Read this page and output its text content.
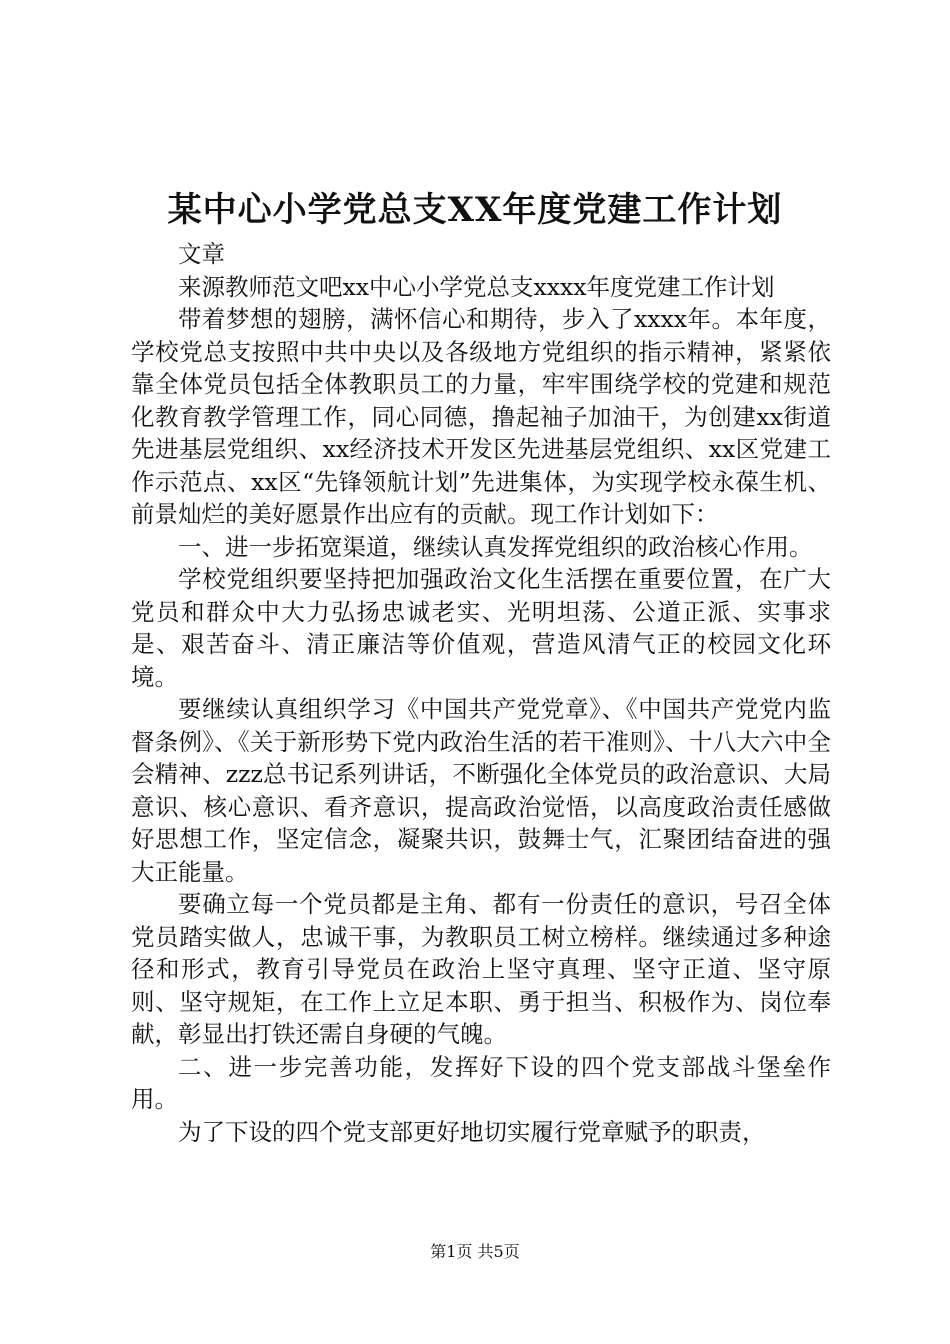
某中心小学党总支XX年度党建工作计划

文章

来源教师范文吧xx中心小学党总支xxxx年度党建工作计划

带着梦想的翅膀，满怀信心和期待，步入了xxxx年。本年度，学校党总支按照中共中央以及各级地方党组织的指示精神，紧紧依靠全体党员包括全体教职员工的力量，牢牢围绕学校的党建和规范化教育教学管理工作，同心同德，撸起袖子加油干，为创建xx街道先进基层党组织、xx经济技术开发区先进基层党组织、xx区党建工作示范点、xx区“先锋领航计划”先进集体，为实现学校永葆生机、前景灿烂的美好愿景作出应有的贡献。现工作计划如下：

一、进一步拓宽渠道，继续认真发挥党组织的政治核心作用。

学校党组织要坚持把加强政治文化生活摆在重要位置，在广大党员和群众中大力弘扬忠诚老实、光明坦荡、公道正派、实事求是、艰苦奋斗、清正廉洁等价值观，营造风清气正的校园文化环境。

要继续认真组织学习《中国共产党党章》、《中国共产党党内监督条例》、《关于新形势下党内政治生活的若干准则》、十八大六中全会精神、zzz总书记系列讲话，不断强化全体党员的政治意识、大局意识、核心意识、看齐意识，提高政治觉悟，以高度政治责任感做好思想工作，坚定信念，凝聚共识，鼓舞士气，汇聚团结奋进的强大正能量。

要确立每一个党员都是主角、都有一份责任的意识，号召全体党员踏实做人，忠诚干事，为教职员工树立榜样。继续通过多种途径和形式，教育引导党员在政治上坚守真理、坚守正道、坚守原则、坚守规矩，在工作上立足本职、勇于担当、积极作为、岗位奉献，彰显出打铁还需自身硬的气魄。

二、进一步完善功能，发挥好下设的四个党支部战斗堡垒作用。

为了下设的四个党支部更好地切实履行党章赋予的职责，

第1页 共5页
